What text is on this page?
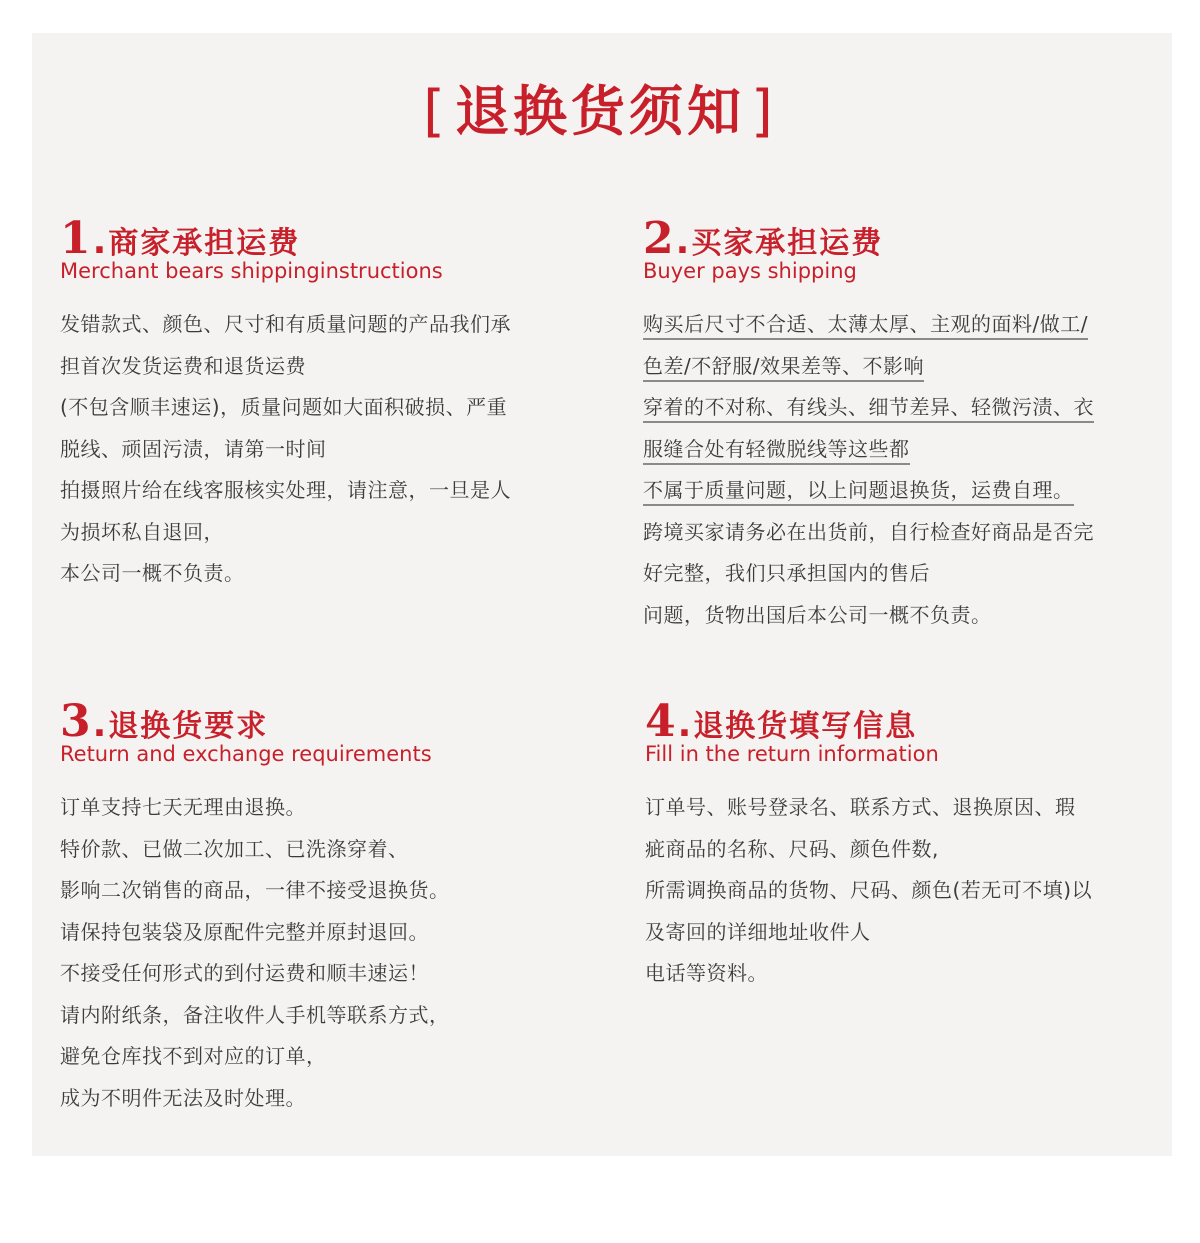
[ 退换货须知 ]
1.商家承担运费
Merchant bears shippinginstructions
发错款式、颜色、尺寸和有质量问题的产品我们承
担首次发货运费和退货运费
(不包含顺丰速运)，质量问题如大面积破损、严重
脱线、顽固污渍，请第一时间
拍摄照片给在线客服核实处理，请注意，一旦是人
为损坏私自退回，
本公司一概不负责。
2.买家承担运费
Buyer pays shipping
购买后尺寸不合适、太薄太厚、主观的面料/做工/
色差/不舒服/效果差等、不影响
穿着的不对称、有线头、细节差异、轻微污渍、衣
服缝合处有轻微脱线等这些都
不属于质量问题，以上问题退换货，运费自理。
跨境买家请务必在出货前，自行检查好商品是否完
好完整，我们只承担国内的售后
问题，货物出国后本公司一概不负责。
3.退换货要求
Return and exchange requirements
订单支持七天无理由退换。
特价款、已做二次加工、已洗涤穿着、
影响二次销售的商品，一律不接受退换货。
请保持包装袋及原配件完整并原封退回。
不接受任何形式的到付运费和顺丰速运！
请内附纸条，备注收件人手机等联系方式，
避免仓库找不到对应的订单，
成为不明件无法及时处理。
4.退换货填写信息
Fill in the return information
订单号、账号登录名、联系方式、退换原因、瑕
疵商品的名称、尺码、颜色件数,
所需调换商品的货物、尺码、颜色(若无可不填)以
及寄回的详细地址收件人
电话等资料。
